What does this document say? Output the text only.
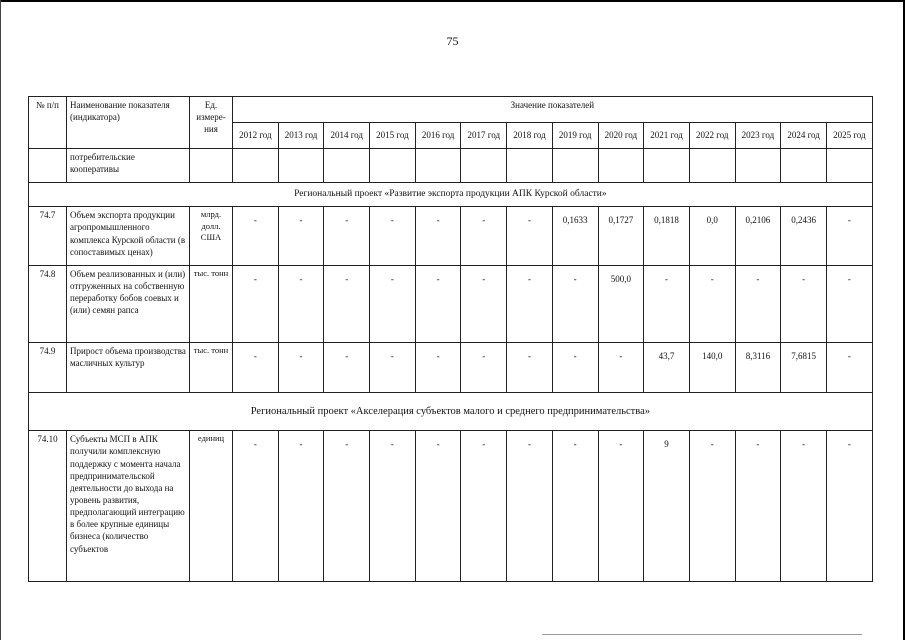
75
№ п/п	Наименование показателя (индикатора)	Ед. измере-ния	Значение показателей													
			2012 год	2013 год	2014 год	2015 год	2016 год	2017 год	2018 год	2019 год	2020 год	2021 год	2022 год	2023 год	2024 год	2025 год
	потребительские кооперативы															
Региональный проект «Развитие экспорта продукции АПК Курской области»																
74.7	Объем экспорта продукции агропромышленного комплекса Курской области (в сопоставимых ценах)	млрд. долл. США	-	-	-	-	-	-	-	0,1633	0,1727	0,1818	0,0	0,2106	0,2436	-
74.8	Объем реализованных и (или) отгруженных на собственную переработку бобов соевых и (или) семян рапса	тыс. тонн	-	-	-	-	-	-	-	-	500,0	-	-	-	-	-
74.9	Прирост объема производства масличных культур	тыс. тонн	-	-	-	-	-	-	-	-	-	43,7	140,0	8,3116	7,6815	-
Региональный проект «Акселерация субъектов малого и среднего предпринимательства»																
74.10	Субъекты МСП в АПК получили комплексную поддержку с момента начала предпринимательской деятельности до выхода на уровень развития, предполагающий интеграцию в более крупные единицы бизнеса (количество субъектов	единиц	-	-	-	-	-	-	-	-	-	9	-	-	-	-
